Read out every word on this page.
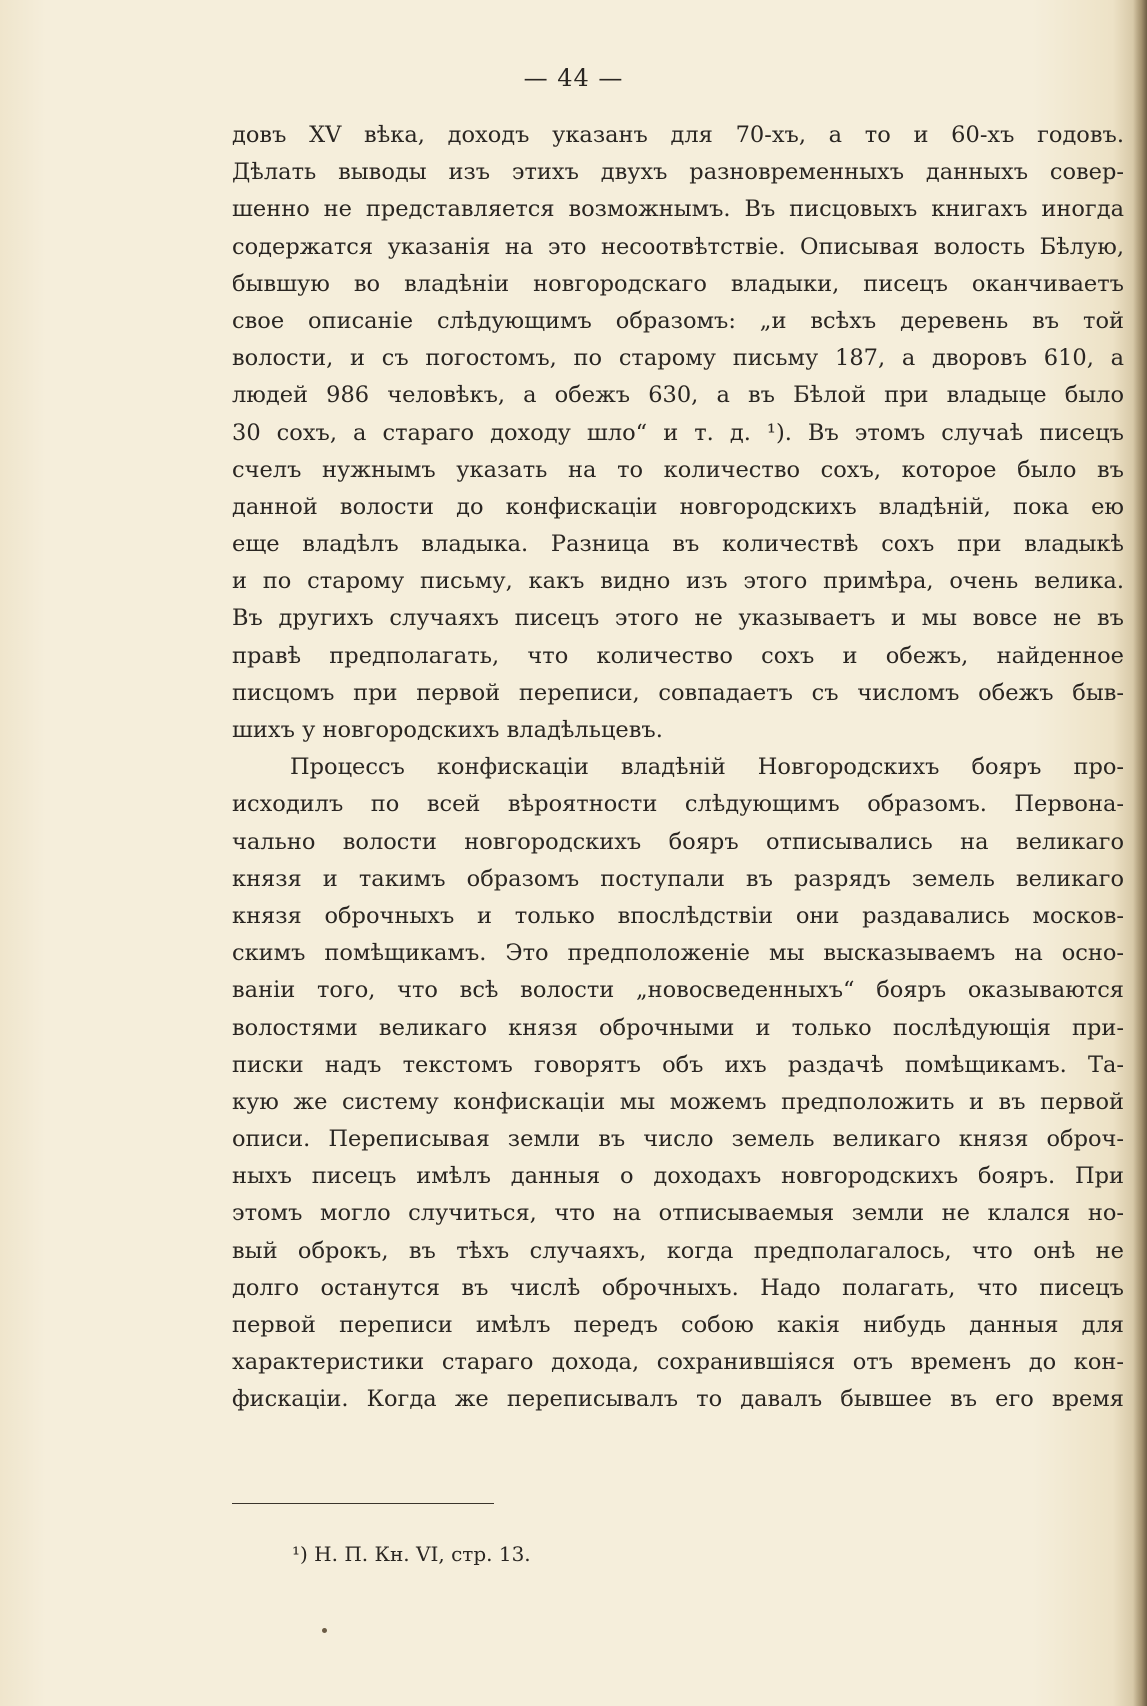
— 44 —
довъ XV вѣка, доходъ указанъ для 70-хъ, а то и 60-хъ годовъ.
Дѣлать выводы изъ этихъ двухъ разновременныхъ данныхъ совер-
шенно не представляется возможнымъ. Въ писцовыхъ книгахъ иногда
содержатся указанія на это несоотвѣтствіе. Описывая волость Бѣлую,
бывшую во владѣніи новгородскаго владыки, писецъ оканчиваетъ
свое описаніе слѣдующимъ образомъ: „и всѣхъ деревень въ той
волости, и съ погостомъ, по старому письму 187, а дворовъ 610, а
людей 986 человѣкъ, а обежъ 630, а въ Бѣлой при владыце было
30 сохъ, а стараго доходу шло“ и т. д. ¹). Въ этомъ случаѣ писецъ
счелъ нужнымъ указать на то количество сохъ, которое было въ
данной волости до конфискаціи новгородскихъ владѣній, пока ею
еще владѣлъ владыка. Разница въ количествѣ сохъ при владыкѣ
и по старому письму, какъ видно изъ этого примѣра, очень велика.
Въ другихъ случаяхъ писецъ этого не указываетъ и мы вовсе не въ
правѣ предполагать, что количество сохъ и обежъ, найденное
писцомъ при первой переписи, совпадаетъ съ числомъ обежъ быв-
шихъ у новгородскихъ владѣльцевъ.
Процессъ конфискаціи владѣній Новгородскихъ бояръ про-
исходилъ по всей вѣроятности слѣдующимъ образомъ. Первона-
чально волости новгородскихъ бояръ отписывались на великаго
князя и такимъ образомъ поступали въ разрядъ земель великаго
князя оброчныхъ и только впослѣдствіи они раздавались москов-
скимъ помѣщикамъ. Это предположеніе мы высказываемъ на осно-
ваніи того, что всѣ волости „новосведенныхъ“ бояръ оказываются
волостями великаго князя оброчными и только послѣдующія при-
писки надъ текстомъ говорятъ объ ихъ раздачѣ помѣщикамъ. Та-
кую же систему конфискаціи мы можемъ предположить и въ первой
описи. Переписывая земли въ число земель великаго князя оброч-
ныхъ писецъ имѣлъ данныя о доходахъ новгородскихъ бояръ. При
этомъ могло случиться, что на отписываемыя земли не клался но-
вый оброкъ, въ тѣхъ случаяхъ, когда предполагалось, что онѣ не
долго останутся въ числѣ оброчныхъ. Надо полагать, что писецъ
первой переписи имѣлъ передъ собою какія нибудь данныя для
характеристики стараго дохода, сохранившіяся отъ временъ до кон-
фискаціи. Когда же переписывалъ то давалъ бывшее въ его время
¹) Н. П. Кн. VI, стр. 13.
